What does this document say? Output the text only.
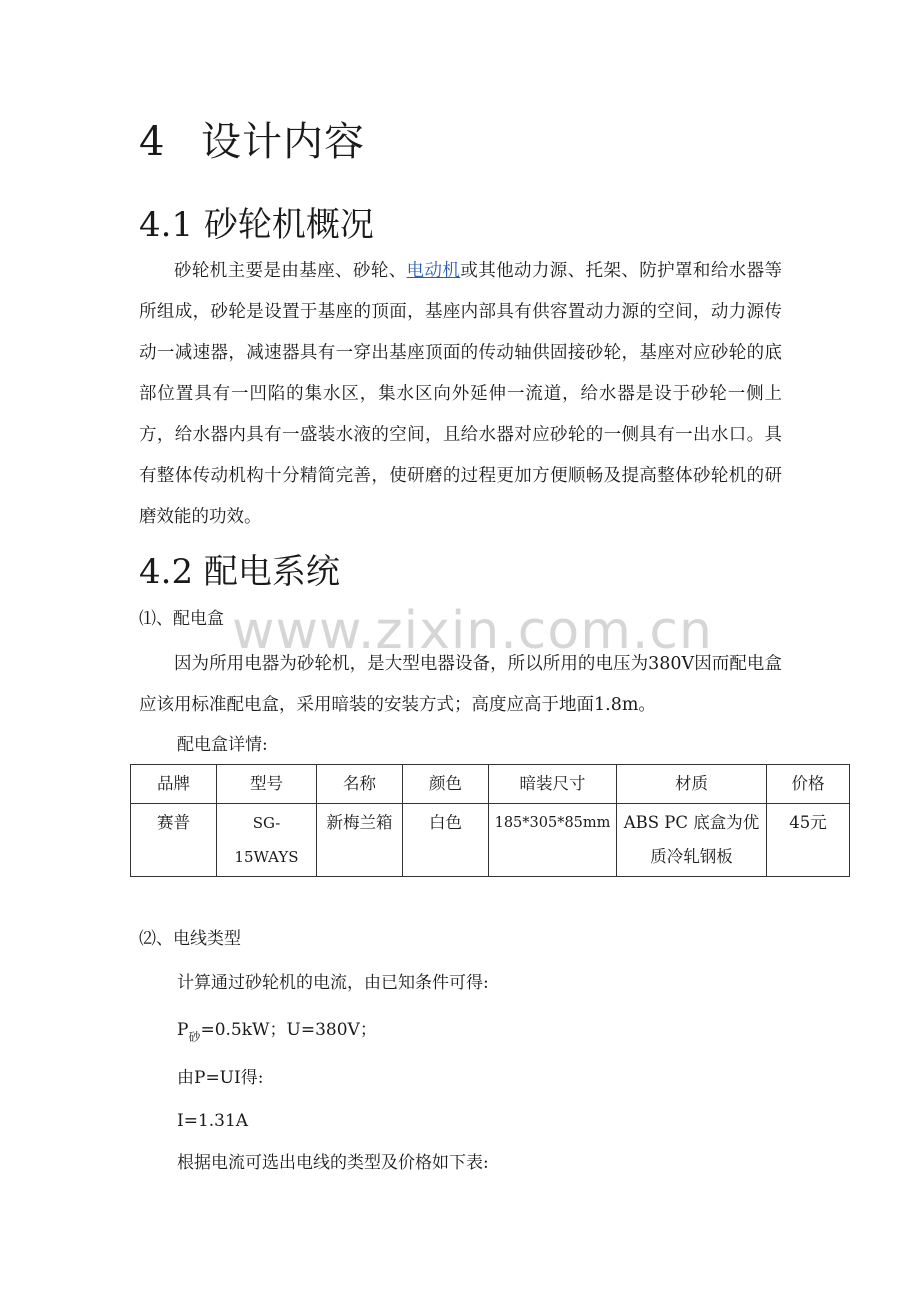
4 设计内容
4.1 砂轮机概况

砂轮机主要是由基座、砂轮、电动机或其他动力源、托架、防护罩和给水器等所组成，砂轮是设置于基座的顶面，基座内部具有供容置动力源的空间，动力源传动一减速器，减速器具有一穿出基座顶面的传动轴供固接砂轮，基座对应砂轮的底部位置具有一凹陷的集水区，集水区向外延伸一流道，给水器是设于砂轮一侧上方，给水器内具有一盛装水液的空间，且给水器对应砂轮的一侧具有一出水口。具有整体传动机构十分精简完善，使研磨的过程更加方便顺畅及提高整体砂轮机的研磨效能的功效。

4.2 配电系统
www.zixin.com.cn
⑴、配电盒

因为所用电器为砂轮机，是大型电器设备，所以所用的电压为380V因而配电盒应该用标准配电盒，采用暗装的安装方式；高度应高于地面1.8m。

配电盒详情:
品牌	型号	名称	颜色	暗装尺寸	材质	价格
赛普	SG-15WAYS	新梅兰箱	白色	185*305*85mm	ABS PC 底盒为优质冷轧钢板	45元
⑵、电线类型
计算通过砂轮机的电流，由已知条件可得:
$P_砂=0.5kW$；U=380V；
由P=UI得:
I=1.31A
根据电流可选出电线的类型及价格如下表:
